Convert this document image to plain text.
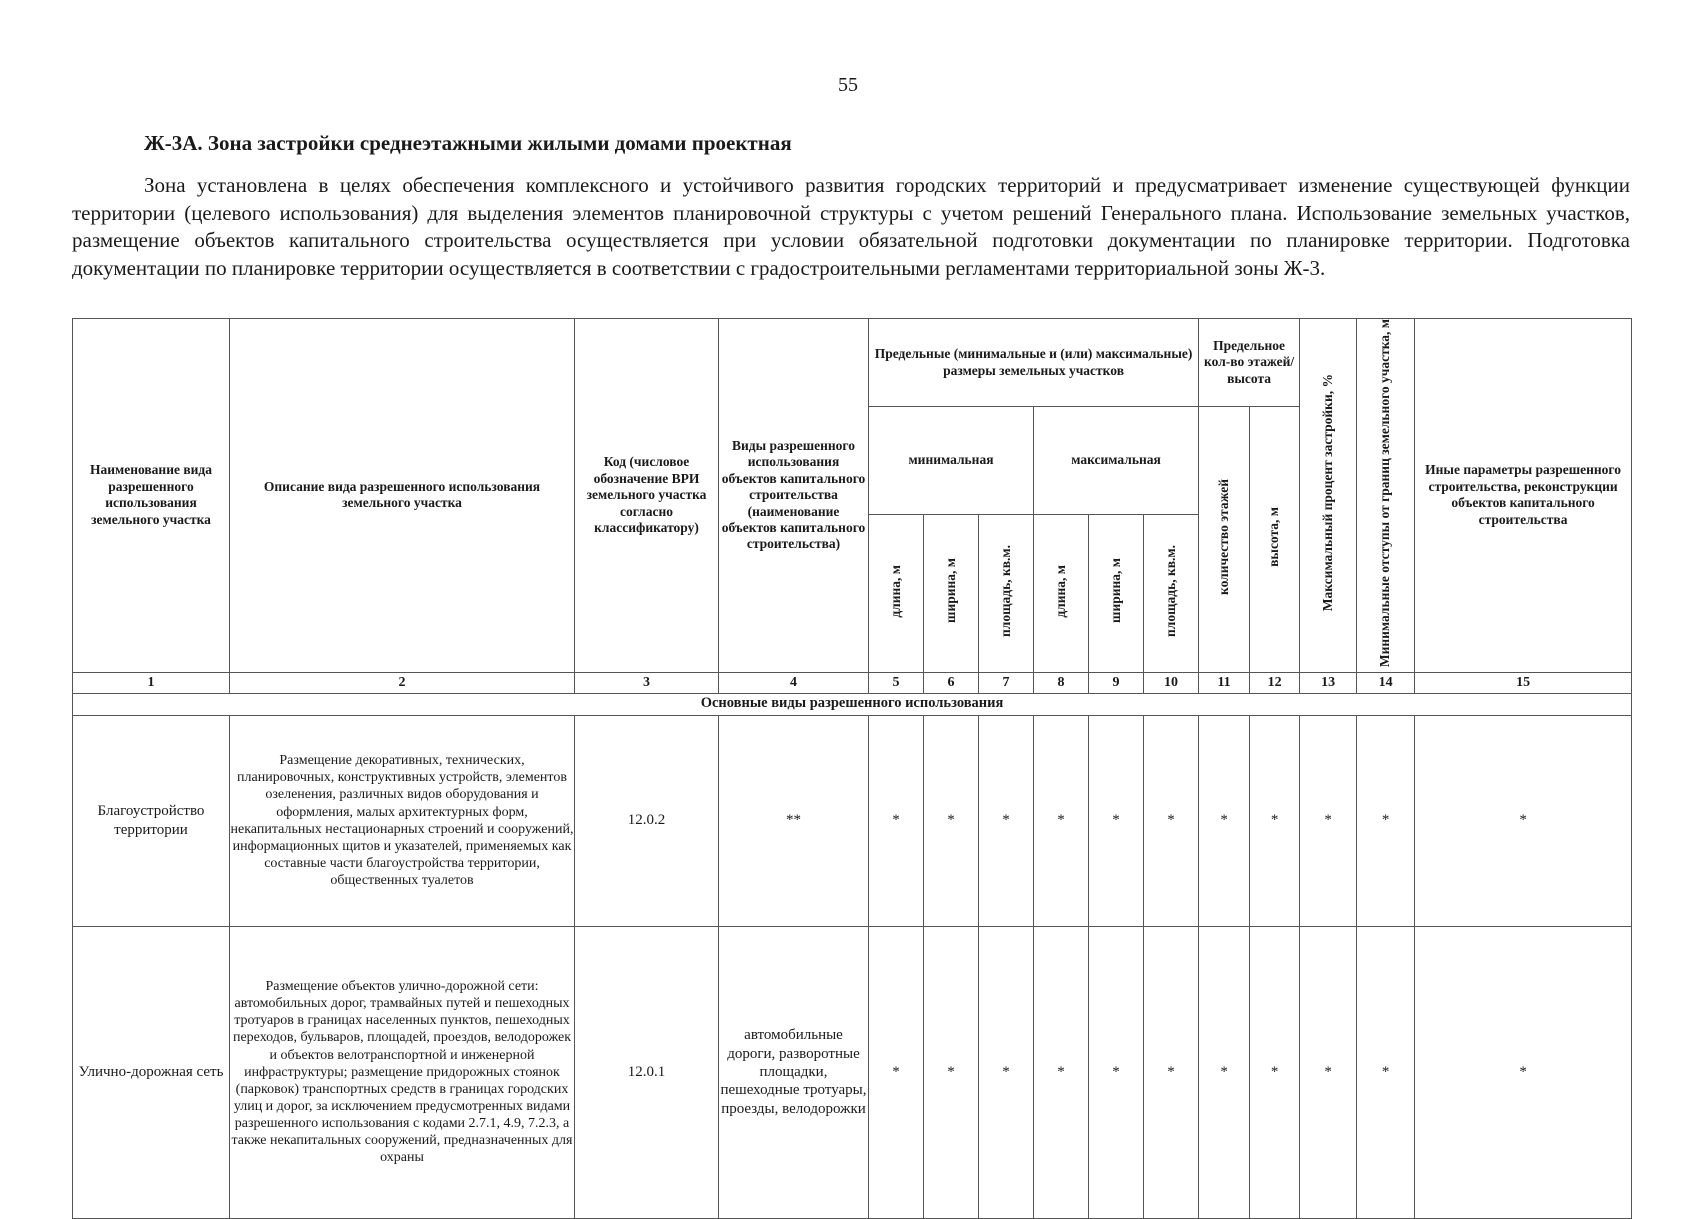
55
Ж-3А. Зона застройки среднеэтажными жилыми домами проектная

Зона установлена в целях обеспечения комплексного и устойчивого развития городских территорий и предусматривает изменение существующей функции территории (целевого использования) для выделения элементов планировочной структуры с учетом решений Генерального плана. Использование земельных участков, размещение объектов капитального строительства осуществляется при условии обязательной подготовки документации по планировке территории. Подготовка документации по планировке территории осуществляется в соответствии с градостроительными регламентами территориальной зоны Ж-3.

Наименование вида разрешенного использования земельного участка	Описание вида разрешенного использования земельного участка	Код (числовое обозначение ВРИ земельного участка согласно классификатору)	Виды разрешенного использования объектов капитального строительства (наименование объектов капитального строительства)	Предельные (минимальные и (или) максимальные) размеры земельных участков						Предельное кол-во этажей/ высота		Максимальный процент застройки, %	Минимальные отступы от границ земельного участка, м	Иные параметры разрешенного строительства, реконструкции объектов капитального строительства
				минимальная			максимальная			количество этажей	высота, м			
				длина, м	ширина, м	площадь, кв.м.	длина, м	ширина, м	площадь, кв.м.					
1	2	3	4	5	6	7	8	9	10	11	12	13	14	15
Основные виды разрешенного использования														
Благоустройство территории	Размещение декоративных, технических, планировочных, конструктивных устройств, элементов озеленения, различных видов оборудования и оформления, малых архитектурных форм, некапитальных нестационарных строений и сооружений, информационных щитов и указателей, применяемых как составные части благоустройства территории, общественных туалетов	12.0.2	**	*	*	*	*	*	*	*	*	*	*	*
Улично-дорожная сеть	Размещение объектов улично-дорожной сети: автомобильных дорог, трамвайных путей и пешеходных тротуаров в границах населенных пунктов, пешеходных переходов, бульваров, площадей, проездов, велодорожек и объектов велотранспортной и инженерной инфраструктуры; размещение придорожных стоянок (парковок) транспортных средств в границах городских улиц и дорог, за исключением предусмотренных видами разрешенного использования с кодами 2.7.1, 4.9, 7.2.3, а также некапитальных сооружений, предназначенных для охраны	12.0.1	автомобильные дороги, разворотные площадки, пешеходные тротуары, проезды, велодорожки	*	*	*	*	*	*	*	*	*	*	*
